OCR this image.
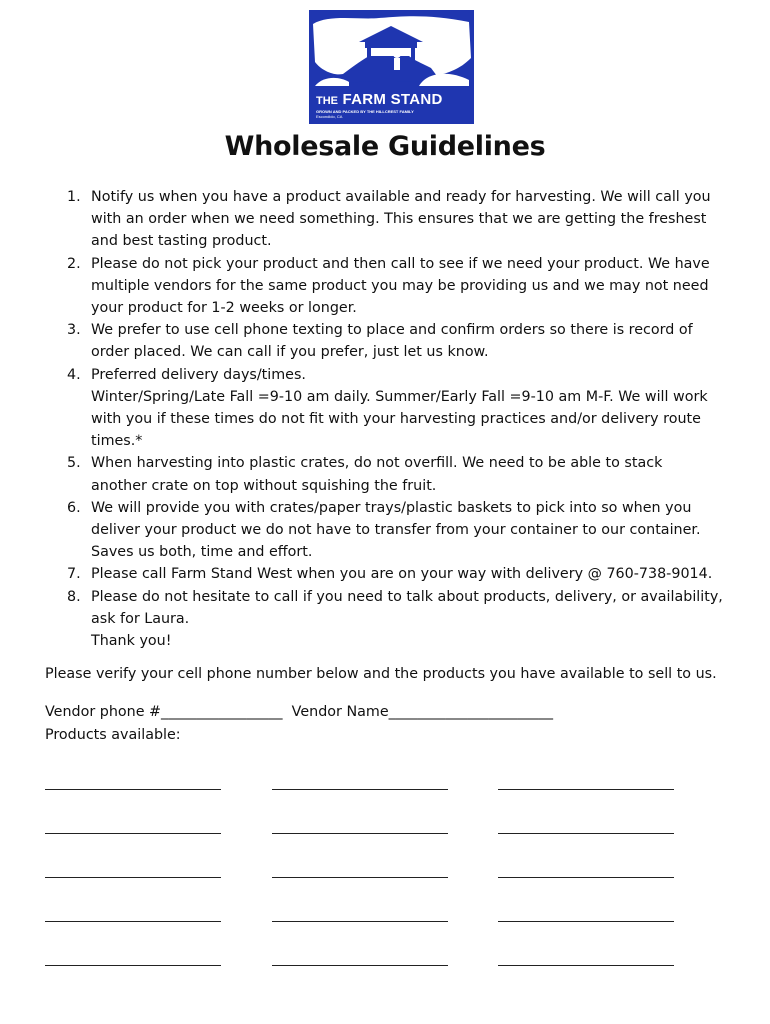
THE FARM STAND
GROWN AND PACKED BY THE HILLCREST FAMILY
Escondido, CA
Wholesale Guidelines
1. Notify us when you have a product available and ready for harvesting. We will call you
with an order when we need something. This ensures that we are getting the freshest
and best tasting product.
2. Please do not pick your product and then call to see if we need your product. We have
multiple vendors for the same product you may be providing us and we may not need
your product for 1-2 weeks or longer.
3. We prefer to use cell phone texting to place and confirm orders so there is record of
order placed. We can call if you prefer, just let us know.
4. Preferred delivery days/times.
Winter/Spring/Late Fall =9-10 am daily. Summer/Early Fall =9-10 am M-F. We will work
with you if these times do not fit with your harvesting practices and/or delivery route
times.*
5. When harvesting into plastic crates, do not overfill. We need to be able to stack
another crate on top without squishing the fruit.
6. We will provide you with crates/paper trays/plastic baskets to pick into so when you
deliver your product we do not have to transfer from your container to our container.
Saves us both, time and effort.
7. Please call Farm Stand West when you are on your way with delivery @ 760-738-9014.
8. Please do not hesitate to call if you need to talk about products, delivery, or availability,
ask for Laura.
Thank you!

Please verify your cell phone number below and the products you have available to sell to us.

Vendor phone #_________________ Vendor Name_______________________

Products available:
